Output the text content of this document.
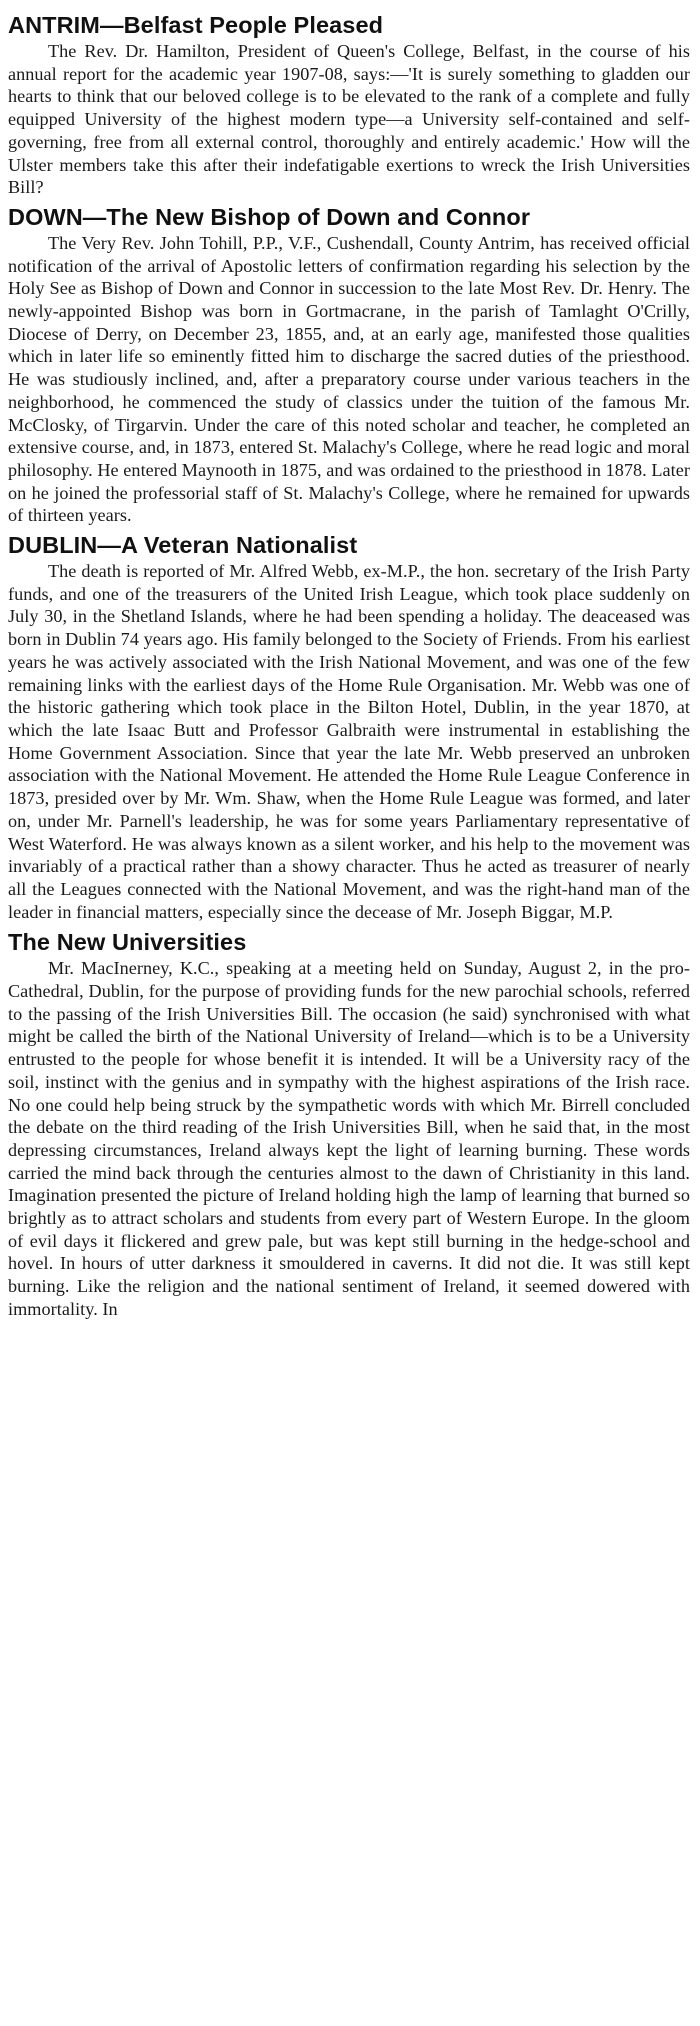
ANTRIM—Belfast People Pleased

The Rev. Dr. Hamilton, President of Queen's College, Belfast, in the course of his annual report for the academic year 1907-08, says:—'It is surely something to gladden our hearts to think that our beloved college is to be elevated to the rank of a complete and fully equipped University of the highest modern type—a University self-contained and self-governing, free from all external control, thoroughly and entirely academic.' How will the Ulster members take this after their indefatigable exertions to wreck the Irish Universities Bill?

DOWN—The New Bishop of Down and Connor

The Very Rev. John Tohill, P.P., V.F., Cushendall, County Antrim, has received official notification of the arrival of Apostolic letters of confirmation regarding his selection by the Holy See as Bishop of Down and Connor in succession to the late Most Rev. Dr. Henry. The newly-appointed Bishop was born in Gortmacrane, in the parish of Tamlaght O'Crilly, Diocese of Derry, on December 23, 1855, and, at an early age, manifested those qualities which in later life so eminently fitted him to discharge the sacred duties of the priesthood. He was studiously inclined, and, after a preparatory course under various teachers in the neighborhood, he commenced the study of classics under the tuition of the famous Mr. McClosky, of Tirgarvin. Under the care of this noted scholar and teacher, he completed an extensive course, and, in 1873, entered St. Malachy's College, where he read logic and moral philosophy. He entered Maynooth in 1875, and was ordained to the priesthood in 1878. Later on he joined the professorial staff of St. Malachy's College, where he remained for upwards of thirteen years.

DUBLIN—A Veteran Nationalist

The death is reported of Mr. Alfred Webb, ex-M.P., the hon. secretary of the Irish Party funds, and one of the treasurers of the United Irish League, which took place suddenly on July 30, in the Shetland Islands, where he had been spending a holiday. The deaceased was born in Dublin 74 years ago. His family belonged to the Society of Friends. From his earliest years he was actively associated with the Irish National Movement, and was one of the few remaining links with the earliest days of the Home Rule Organisation. Mr. Webb was one of the historic gathering which took place in the Bilton Hotel, Dublin, in the year 1870, at which the late Isaac Butt and Professor Galbraith were instrumental in establishing the Home Government Association. Since that year the late Mr. Webb preserved an unbroken association with the National Movement. He attended the Home Rule League Conference in 1873, presided over by Mr. Wm. Shaw, when the Home Rule League was formed, and later on, under Mr. Parnell's leadership, he was for some years Parliamentary representative of West Waterford. He was always known as a silent worker, and his help to the movement was invariably of a practical rather than a showy character. Thus he acted as treasurer of nearly all the Leagues connected with the National Movement, and was the right-hand man of the leader in financial matters, especially since the decease of Mr. Joseph Biggar, M.P.

The New Universities

Mr. MacInerney, K.C., speaking at a meeting held on Sunday, August 2, in the pro-Cathedral, Dublin, for the purpose of providing funds for the new parochial schools, referred to the passing of the Irish Universities Bill. The occasion (he said) synchronised with what might be called the birth of the National University of Ireland—which is to be a University entrusted to the people for whose benefit it is intended. It will be a University racy of the soil, instinct with the genius and in sympathy with the highest aspirations of the Irish race. No one could help being struck by the sympathetic words with which Mr. Birrell concluded the debate on the third reading of the Irish Universities Bill, when he said that, in the most depressing circumstances, Ireland always kept the light of learning burning. These words carried the mind back through the centuries almost to the dawn of Christianity in this land. Imagination presented the picture of Ireland holding high the lamp of learning that burned so brightly as to attract scholars and students from every part of Western Europe. In the gloom of evil days it flickered and grew pale, but was kept still burning in the hedge-school and hovel. In hours of utter darkness it smouldered in caverns. It did not die. It was still kept burning. Like the religion and the national sentiment of Ireland, it seemed dowered with immortality. In
